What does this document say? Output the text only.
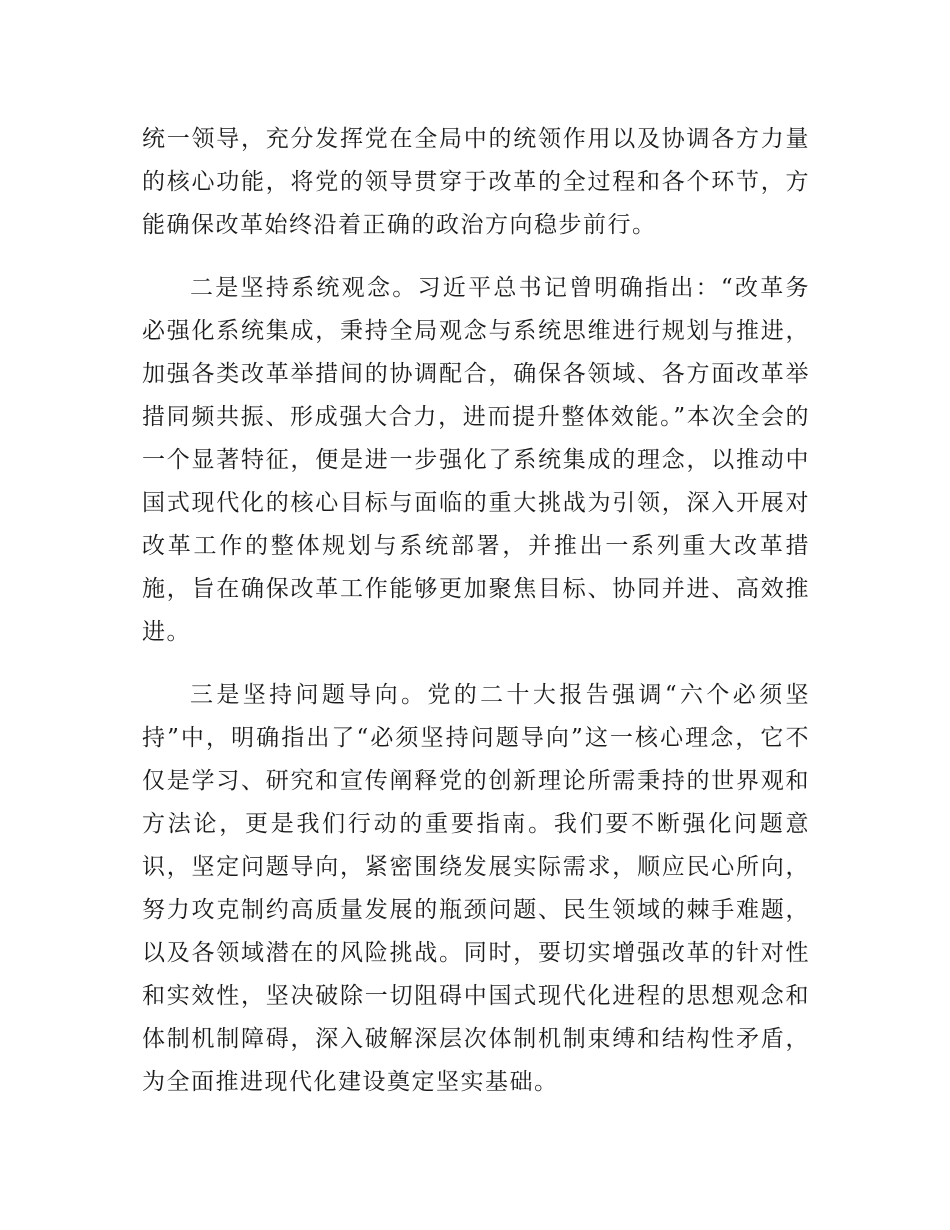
统一领导，充分发挥党在全局中的统领作用以及协调各方力量的核心功能，将党的领导贯穿于改革的全过程和各个环节，方能确保改革始终沿着正确的政治方向稳步前行。

二是坚持系统观念。习近平总书记曾明确指出：“改革务必强化系统集成，秉持全局观念与系统思维进行规划与推进，加强各类改革举措间的协调配合，确保各领域、各方面改革举措同频共振、形成强大合力，进而提升整体效能。”本次全会的一个显著特征，便是进一步强化了系统集成的理念，以推动中国式现代化的核心目标与面临的重大挑战为引领，深入开展对改革工作的整体规划与系统部署，并推出一系列重大改革措施，旨在确保改革工作能够更加聚焦目标、协同并进、高效推进。

三是坚持问题导向。党的二十大报告强调“六个必须坚持”中，明确指出了“必须坚持问题导向”这一核心理念，它不仅是学习、研究和宣传阐释党的创新理论所需秉持的世界观和方法论，更是我们行动的重要指南。我们要不断强化问题意识，坚定问题导向，紧密围绕发展实际需求，顺应民心所向，努力攻克制约高质量发展的瓶颈问题、民生领域的棘手难题，以及各领域潜在的风险挑战。同时，要切实增强改革的针对性和实效性，坚决破除一切阻碍中国式现代化进程的思想观念和体制机制障碍，深入破解深层次体制机制束缚和结构性矛盾，为全面推进现代化建设奠定坚实基础。
